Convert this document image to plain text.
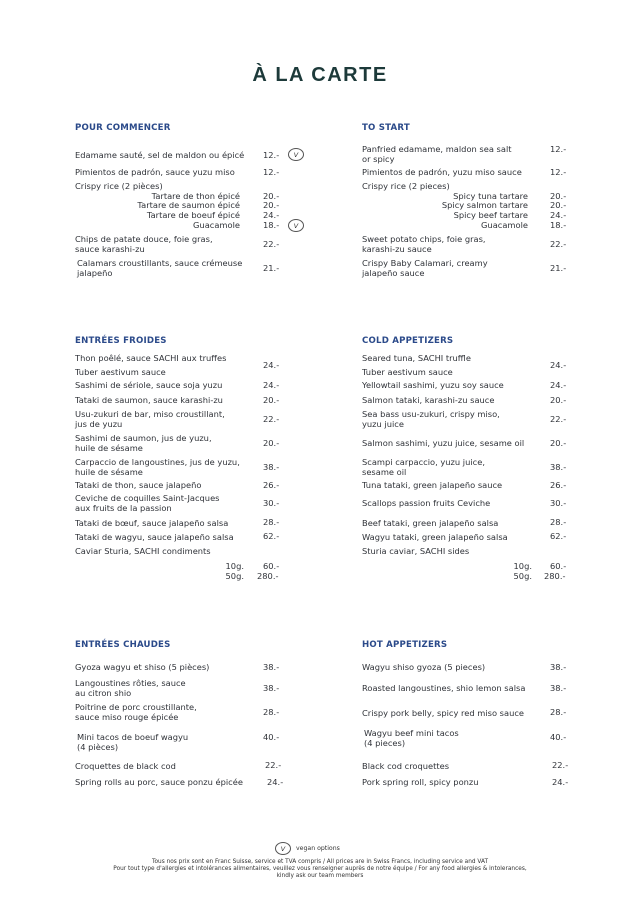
À LA CARTE
POUR COMMENCER
Edamame sauté, sel de maldon ou épicé 12.-	V
Pimientos de padrón, sauce yuzu miso	12.-
Crispy rice (2 pièces)
Tartare de thon épicé	20.-
Tartare de saumon épicé	20.-
Tartare de boeuf épicé	24.-
Guacamole	18.-	V
Chips de patate douce, foie gras,
sauce karashi-zu	22.-
Calamars croustillants, sauce crémeuse
jalapeño	21.-
TO START
Panfried edamame, maldon sea salt
or spicy
12.-
Pimientos de padrón, yuzu miso sauce	12.-
Crispy rice (2 pieces)
Spicy tuna tartare	20.-
Spicy salmon tartare	20.-
Spicy beef tartare	24.-
Guacamole	18.-
Sweet potato chips, foie gras,
karashi-zu sauce	22.-
Crispy Baby Calamari, creamy
jalapeño sauce	21.-
ENTRÉES FROIDES
Thon poêlé, sauce SACHI aux truffes
Tuber aestivum sauce
24.-
Sashimi de sériole, sauce soja yuzu	24.-
Tataki de saumon, sauce karashi-zu	20.-
Usu-zukuri de bar, miso croustillant,
jus de yuzu	22.-
Sashimi de saumon, jus de yuzu,
huile de sésame	20.-
Carpaccio de langoustines, jus de yuzu,
huile de sésame	38.-
Tataki de thon, sauce jalapeño	26.-
Ceviche de coquilles Saint-Jacques
aux fruits de la passion	30.-
Tataki de bœuf, sauce jalapeño salsa	28.-
Tataki de wagyu, sauce jalapeño salsa	62.-
Caviar Sturia, SACHI condiments
10g. 60.-
50g. 280.-
COLD APPETIZERS
Seared tuna, SACHI truffle
Tuber aestivum sauce
24.-
Yellowtail sashimi, yuzu soy sauce	24.-
Salmon tataki, karashi-zu sauce	20.-
Sea bass usu-zukuri, crispy miso,
yuzu juice	22.-
Salmon sashimi, yuzu juice, sesame oil	20.-
Scampi carpaccio, yuzu juice,
sesame oil	38.-
Tuna tataki, green jalapeño sauce	26.-
Scallops passion fruits Ceviche	30.-
Beef tataki, green jalapeño salsa	28.-
Wagyu tataki, green jalapeño salsa	62.-
Sturia caviar, SACHI sides
10g. 60.-
50g. 280.-
ENTRÉES CHAUDES
Gyoza wagyu et shiso (5 pièces)	38.-
Langoustines rôties, sauce
au citron shio	38.-
Poitrine de porc croustillante,
sauce miso rouge épicée	28.-
Mini tacos de boeuf wagyu
(4 pièces)
40.-
Croquettes de black cod	22.-
Spring rolls au porc, sauce ponzu épicée	24.-
HOT APPETIZERS
Wagyu shiso gyoza (5 pieces)	38.-
Roasted langoustines, shio lemon salsa	38.-
Crispy pork belly, spicy red miso sauce	28.-
Wagyu beef mini tacos
(4 pieces)
40.-
Black cod croquettes	22.-
Pork spring roll, spicy ponzu	24.-
V	vegan options
Tous nos prix sont en Franc Suisse, service et TVA compris / All prices are in Swiss Francs, including service and VAT
Pour tout type d'allergies et intolérances alimentaires, veuillez vous renseigner auprès de notre équipe / For any food allergies & intolerances,
kindly ask our team members
